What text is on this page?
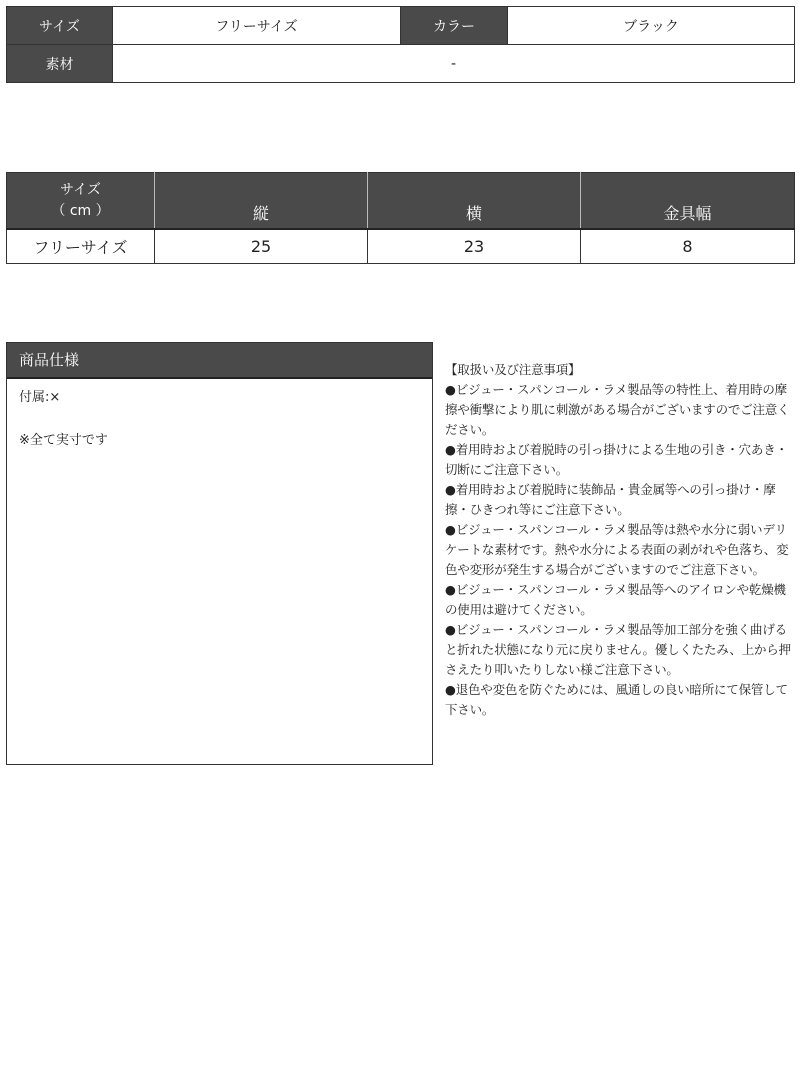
サイズ	フリーサイズ	カラー	ブラック
素材	-		
サイズ
（ cm ）	縦	横	金具幅
フリーサイズ	25	23	8
商品仕様

付属:×

※全て実寸です

【取扱い及び注意事項】
●ビジュー・スパンコール・ラメ製品等の特性上、着用時の摩擦や衝撃により肌に刺激がある場合がございますのでご注意ください。
●着用時および着脱時の引っ掛けによる生地の引き・穴あき・切断にご注意下さい。
●着用時および着脱時に装飾品・貴金属等への引っ掛け・摩擦・ひきつれ等にご注意下さい。
●ビジュー・スパンコール・ラメ製品等は熱や水分に弱いデリケートな素材です。熱や水分による表面の剥がれや色落ち、変色や変形が発生する場合がございますのでご注意下さい。
●ビジュー・スパンコール・ラメ製品等へのアイロンや乾燥機の使用は避けてください。
●ビジュー・スパンコール・ラメ製品等加工部分を強く曲げると折れた状態になり元に戻りません。優しくたたみ、上から押さえたり叩いたりしない様ご注意下さい。
●退色や変色を防ぐためには、風通しの良い暗所にて保管して下さい。
